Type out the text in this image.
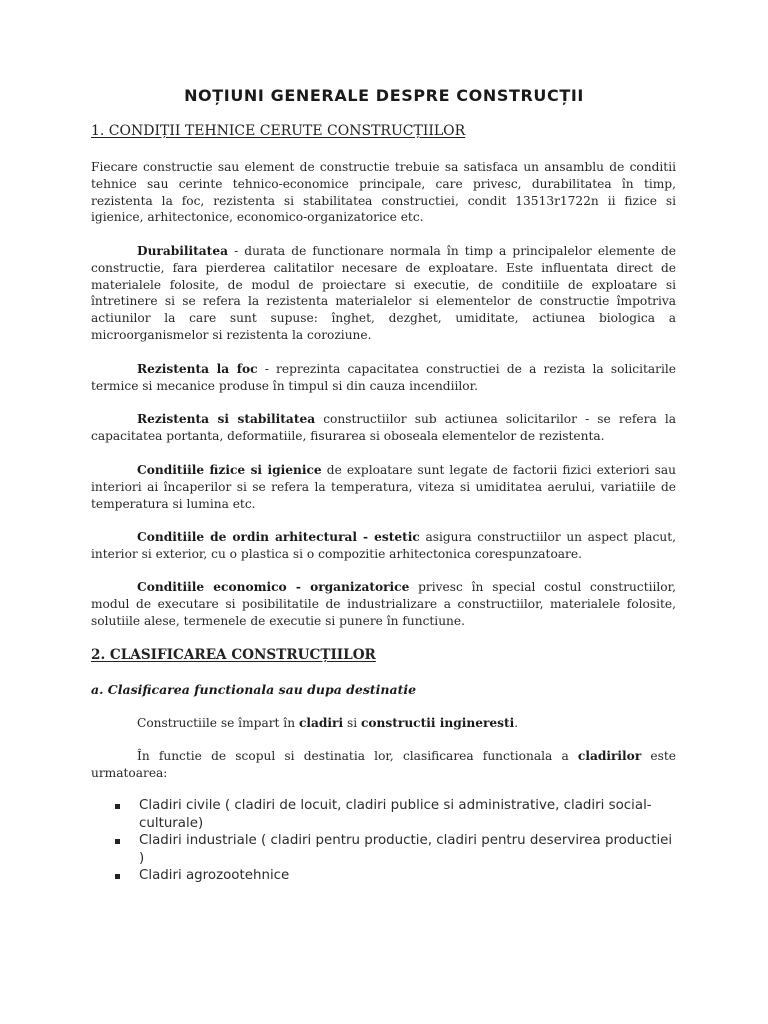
NOȚIUNI GENERALE DESPRE CONSTRUCȚII
1. CONDIȚII TEHNICE CERUTE CONSTRUCȚIILOR
Fiecare constructie sau element de constructie trebuie sa satisfaca un ansamblu de conditii tehnice sau cerinte tehnico-economice principale, care privesc, durabilitatea în timp, rezistenta la foc, rezistenta si stabilitatea constructiei, condit 13513r1722n ii fizice si igienice, arhitectonice, economico-organizatorice etc.
Durabilitatea - durata de functionare normala în timp a principalelor elemente de constructie, fara pierderea calitatilor necesare de exploatare. Este influentata direct de materialele folosite, de modul de proiectare si executie, de conditiile de exploatare si întretinere si se refera la rezistenta materialelor si elementelor de constructie împotriva actiunilor la care sunt supuse: înghet, dezghet, umiditate, actiunea biologica a microorganismelor si rezistenta la coroziune.
Rezistenta la foc - reprezinta capacitatea constructiei de a rezista la solicitarile termice si mecanice produse în timpul si din cauza incendiilor.
Rezistenta si stabilitatea constructiilor sub actiunea solicitarilor - se refera la capacitatea portanta, deformatiile, fisurarea si oboseala elementelor de rezistenta.
Conditiile fizice si igienice de exploatare sunt legate de factorii fizici exteriori sau interiori ai încaperilor si se refera la temperatura, viteza si umiditatea aerului, variatiile de temperatura si lumina etc.
Conditiile de ordin arhitectural - estetic asigura constructiilor un aspect placut, interior si exterior, cu o plastica si o compozitie arhitectonica corespunzatoare.
Conditiile economico - organizatorice privesc în special costul constructiilor, modul de executare si posibilitatile de industrializare a constructiilor, materialele folosite, solutiile alese, termenele de executie si punere în functiune.
2. CLASIFICAREA CONSTRUCȚIILOR
a. Clasificarea functionala sau dupa destinatie
Constructiile se împart în cladiri si constructii ingineresti.
În functie de scopul si destinatia lor, clasificarea functionala a cladirilor este urmatoarea:
Cladiri civile ( cladiri de locuit, cladiri publice si administrative, cladiri social-culturale)
Cladiri industriale ( cladiri pentru productie, cladiri pentru deservirea productiei )
Cladiri agrozootehnice
